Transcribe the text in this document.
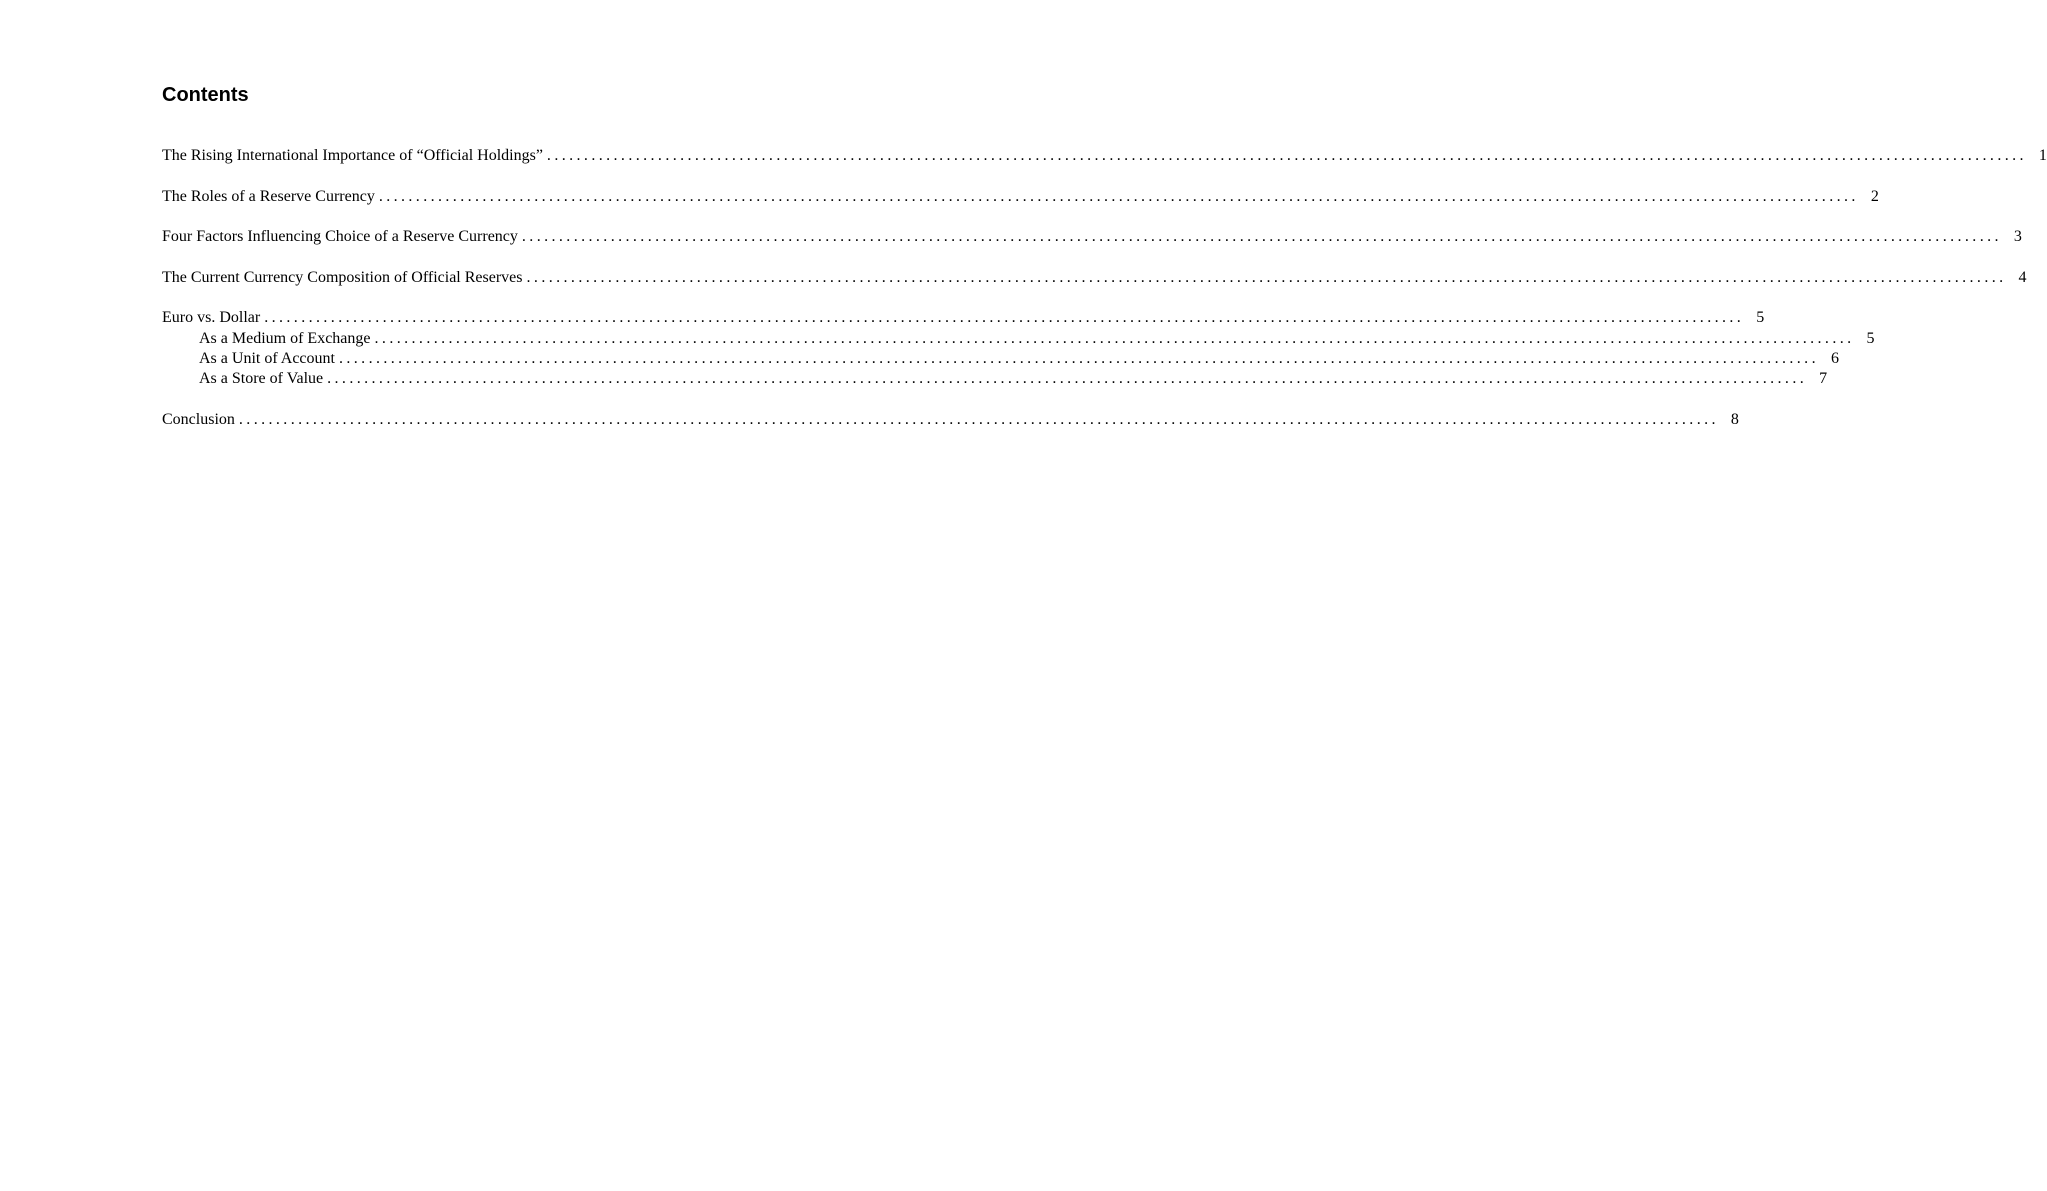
Contents
The Rising International Importance of “Official Holdings” ........................................................................................................................................................................................................ 1
The Roles of a Reserve Currency ........................................................................................................................................................................................................ 2
Four Factors Influencing Choice of a Reserve Currency ........................................................................................................................................................................................................ 3
The Current Currency Composition of Official Reserves ........................................................................................................................................................................................................ 4
Euro vs. Dollar ........................................................................................................................................................................................................ 5
As a Medium of Exchange ........................................................................................................................................................................................................ 5
As a Unit of Account ........................................................................................................................................................................................................ 6
As a Store of Value ........................................................................................................................................................................................................ 7
Conclusion ........................................................................................................................................................................................................ 8
